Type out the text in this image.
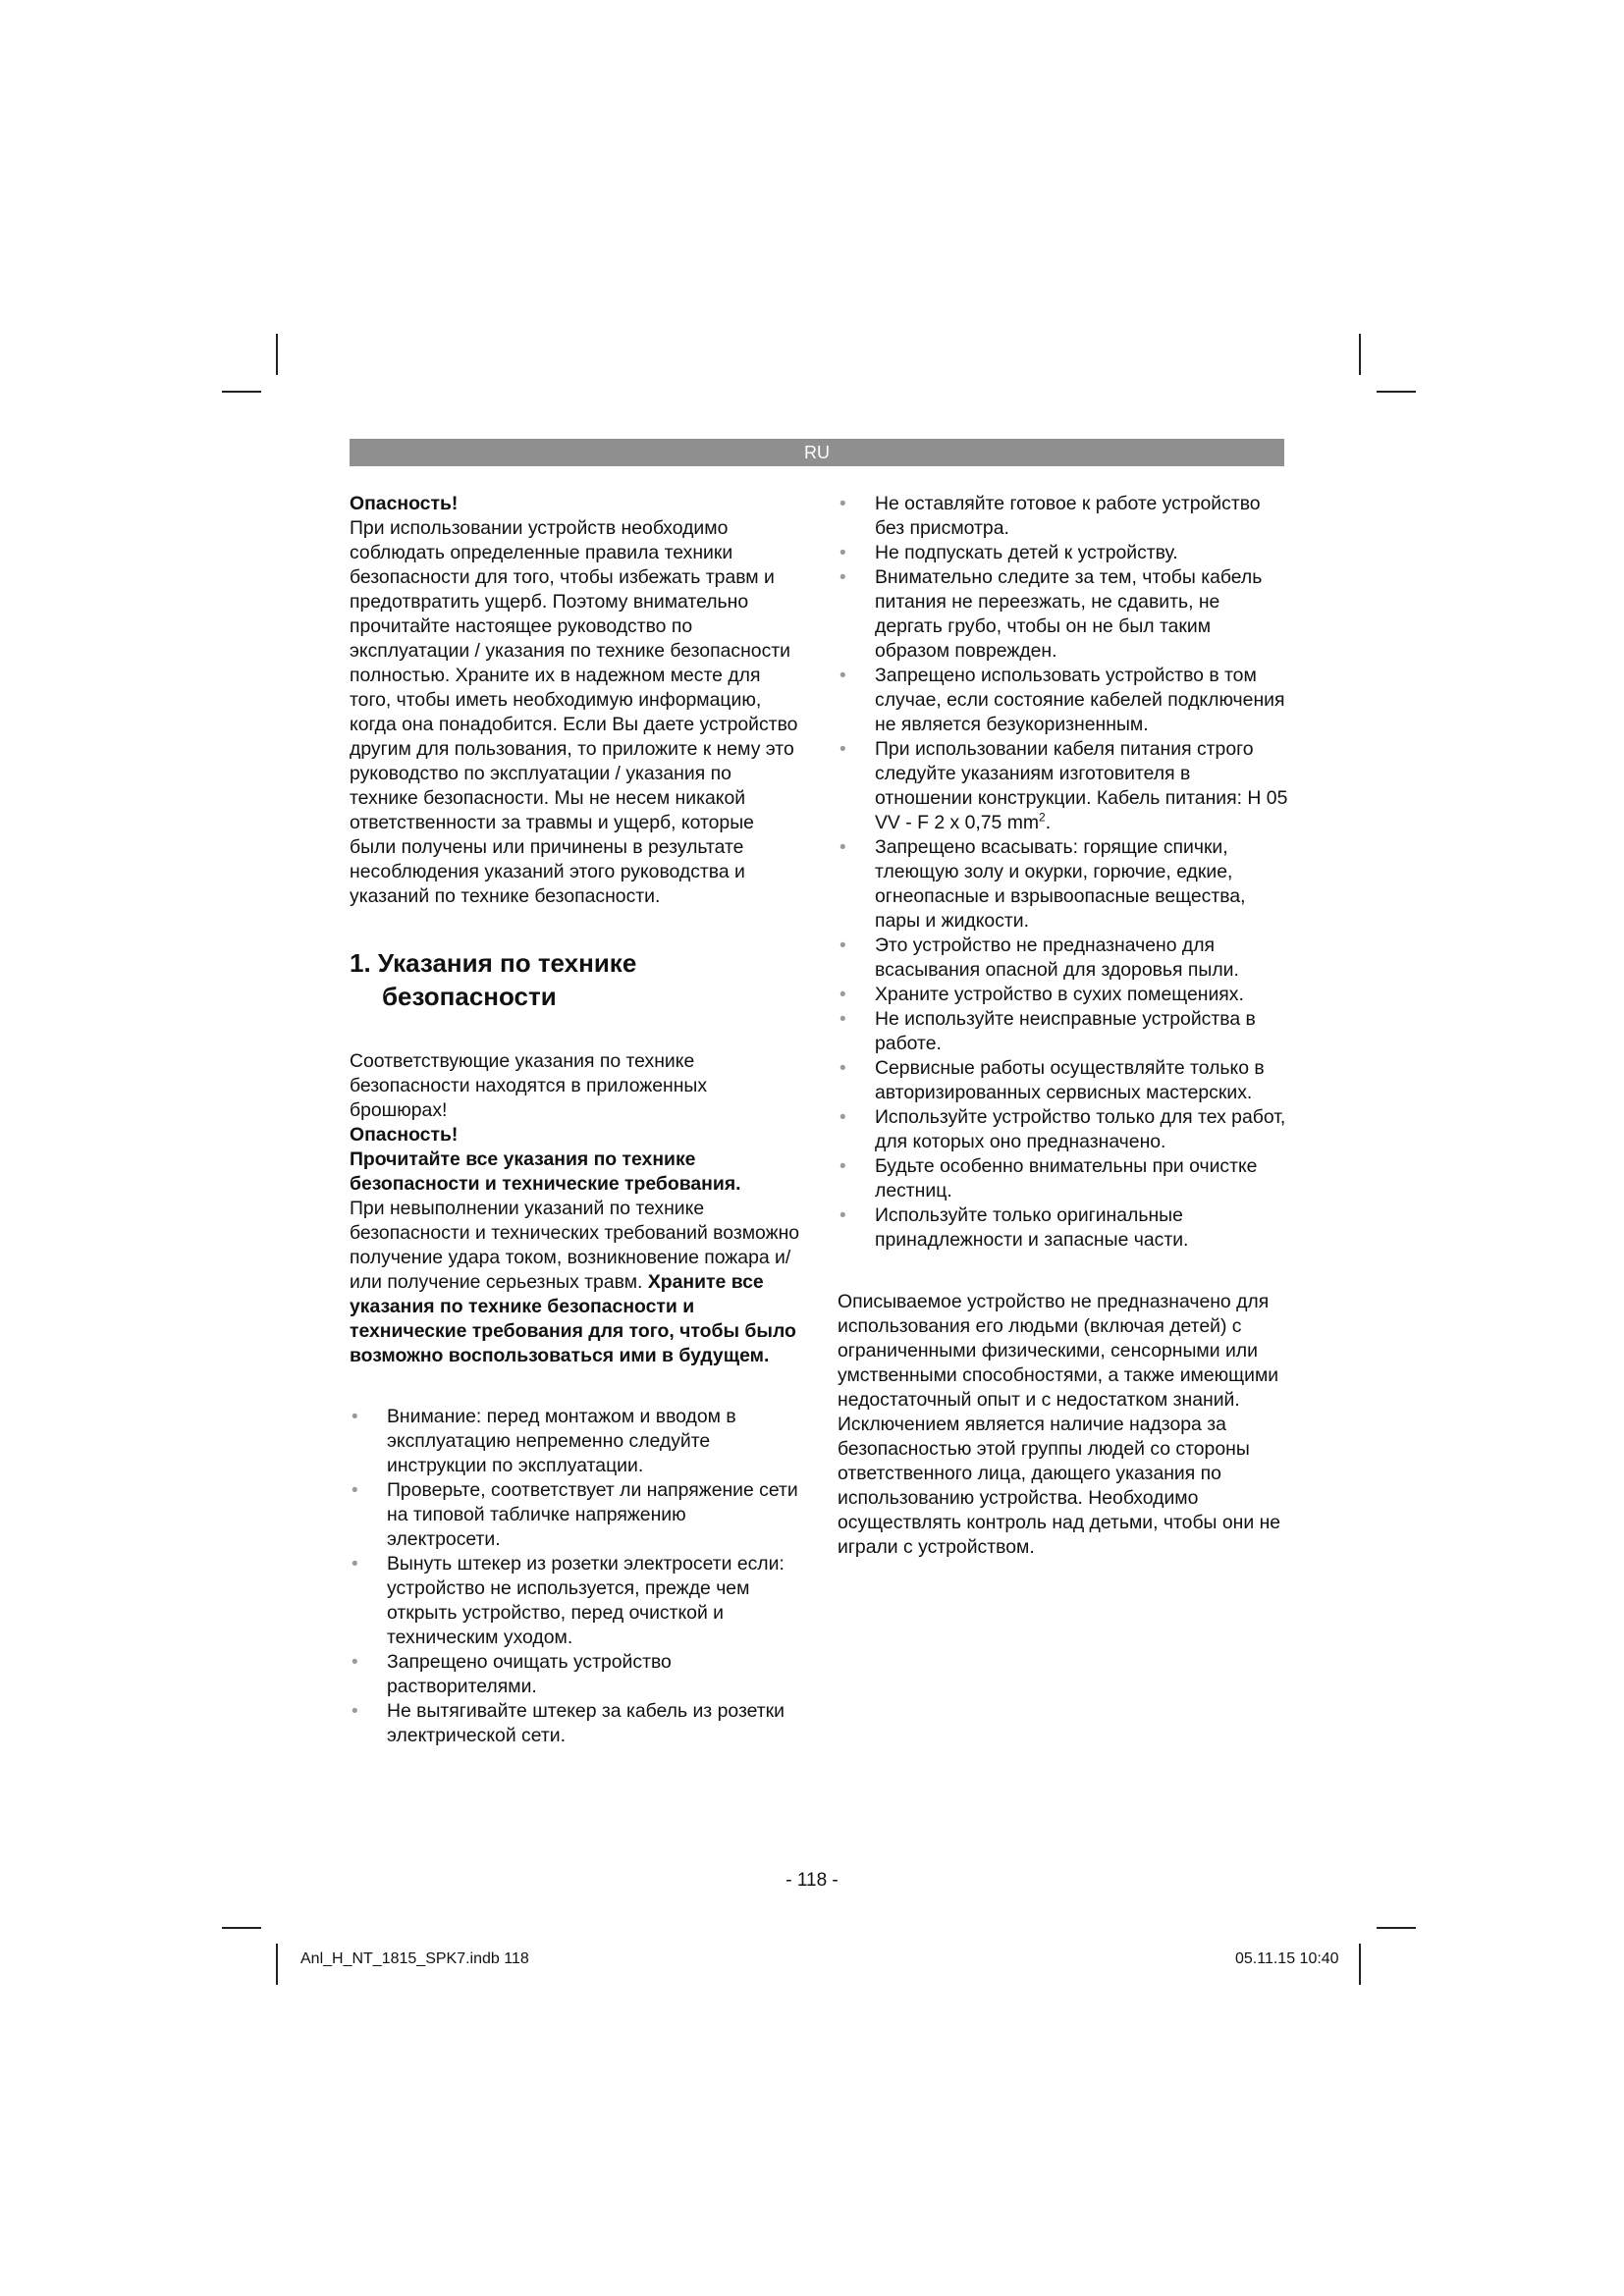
RU

Опасность!

При использовании устройств необходимо соблюдать определенные правила техники безопасности для того, чтобы избежать травм и предотвратить ущерб. Поэтому внимательно прочитайте настоящее руководство по эксплуатации / указания по технике безопасности полностью. Храните их в надежном месте для того, чтобы иметь необходимую информацию, когда она понадобится. Если Вы даете устройство другим для пользования, то приложите к нему это руководство по эксплуатации / указания по технике безопасности. Мы не несем никакой ответственности за травмы и ущерб, которые были получены или причинены в результате несоблюдения указаний этого руководства и указаний по технике безопасности.

1. Указания по технике безопасности

Соответствующие указания по технике безопасности находятся в приложенных брошюрах!

Опасность!

Прочитайте все указания по технике безопасности и технические требования.

При невыполнении указаний по технике безопасности и технических требований возможно получение удара током, возникновение пожара и/или получение серьезных травм. Храните все указания по технике безопасности и технические требования для того, чтобы было возможно воспользоваться ими в будущем.

• Внимание: перед монтажом и вводом в эксплуатацию непременно следуйте инструкции по эксплуатации.
• Проверьте, соответствует ли напряжение сети на типовой табличке напряжению электросети.
• Вынуть штекер из розетки электросети если: устройство не используется, прежде чем открыть устройство, перед очисткой и техническим уходом.
• Запрещено очищать устройство растворителями.
• Не вытягивайте штекер за кабель из розетки электрической сети.
• Не оставляйте готовое к работе устройство без присмотра.
• Не подпускать детей к устройству.
• Внимательно следите за тем, чтобы кабель питания не переезжать, не сдавить, не дергать грубо, чтобы он не был таким образом поврежден.
• Запрещено использовать устройство в том случае, если состояние кабелей подключения не является безукоризненным.
• При использовании кабеля питания строго следуйте указаниям изготовителя в отношении конструкции. Кабель питания: H 05 VV - F 2 x 0,75 $mm^2$.
• Запрещено всасывать: горящие спички, тлеющую золу и окурки, горючие, едкие, огнеопасные и взрывоопасные вещества, пары и жидкости.
• Это устройство не предназначено для всасывания опасной для здоровья пыли.
• Храните устройство в сухих помещениях.
• Не используйте неисправные устройства в работе.
• Сервисные работы осуществляйте только в авторизированных сервисных мастерских.
• Используйте устройство только для тех работ, для которых оно предназначено.
• Будьте особенно внимательны при очистке лестниц.
• Используйте только оригинальные принадлежности и запасные части.

Описываемое устройство не предназначено для использования его людьми (включая детей) с ограниченными физическими, сенсорными или умственными способностями, а также имеющими недостаточный опыт и с недостатком знаний. Исключением является наличие надзора за безопасностью этой группы людей со стороны ответственного лица, дающего указания по использованию устройства. Необходимо осуществлять контроль над детьми, чтобы они не играли с устройством.

- 118 -
Anl_H_NT_1815_SPK7.indb 118	05.11.15 10:40
